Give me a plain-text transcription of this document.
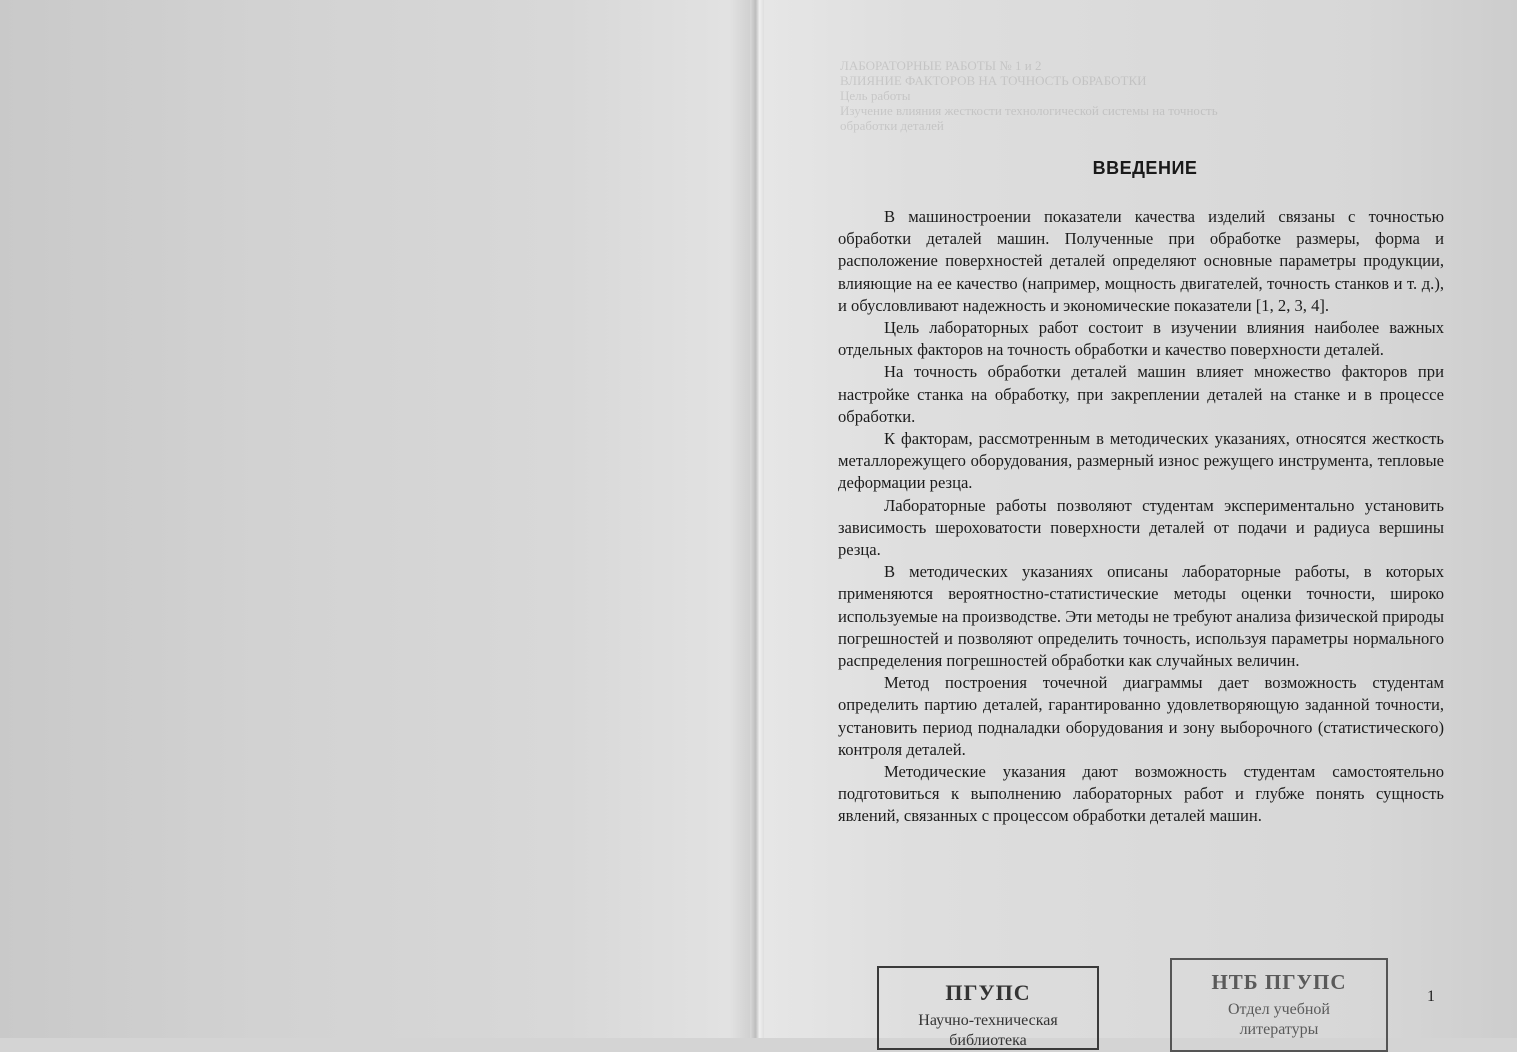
ЛАБОРАТОРНЫЕ РАБОТЫ № 1 и 2
ВЛИЯНИЕ ФАКТОРОВ НА ТОЧНОСТЬ ОБРАБОТКИ
Цель работы
Изучение влияния жесткости технологической системы на точность
обработки деталей
ВВЕДЕНИЕ

В машиностроении показатели качества изделий связаны с точностью обработки деталей машин. Полученные при обработке размеры, форма и расположение поверхностей деталей определяют основные параметры продукции, влияющие на ее качество (например, мощность двигателей, точность станков и т. д.), и обусловливают надежность и экономические показатели [1, 2, 3, 4].

Цель лабораторных работ состоит в изучении влияния наиболее важных отдельных факторов на точность обработки и качество поверхности деталей.

На точность обработки деталей машин влияет множество факторов при настройке станка на обработку, при закреплении деталей на станке и в процессе обработки.

К факторам, рассмотренным в методических указаниях, относятся жесткость металлорежущего оборудования, размерный износ режущего инструмента, тепловые деформации резца.

Лабораторные работы позволяют студентам экспериментально установить зависимость шероховатости поверхности деталей от подачи и радиуса вершины резца.

В методических указаниях описаны лабораторные работы, в которых применяются вероятностно-статистические методы оценки точности, широко используемые на производстве. Эти методы не требуют анализа физической природы погрешностей и позволяют определить точность, используя параметры нормального распределения погрешностей обработки как случайных величин.

Метод построения точечной диаграммы дает возможность студентам определить партию деталей, гарантированно удовлетворяющую заданной точности, установить период подналадки оборудования и зону выборочного (статистического) контроля деталей.

Методические указания дают возможность студентам самостоятельно подготовиться к выполнению лабораторных работ и глубже понять сущность явлений, связанных с процессом обработки деталей машин.

ПГУПС
Научно-техническая
библиотека
НТБ ПГУПС
Отдел учебной
литературы
1
